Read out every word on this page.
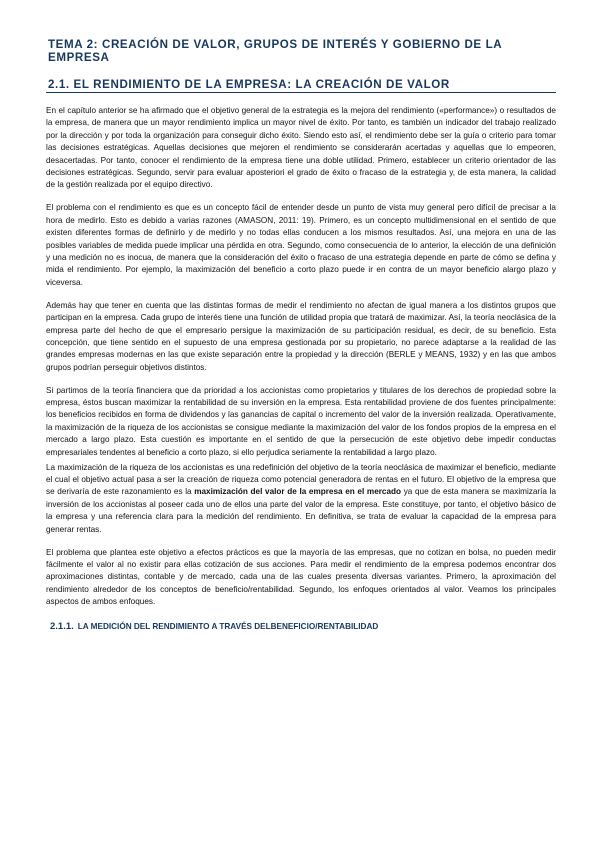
TEMA 2: CREACIÓN DE VALOR, GRUPOS DE INTERÉS Y GOBIERNO DE LA EMPRESA
2.1. EL RENDIMIENTO DE LA EMPRESA: LA CREACIÓN DE VALOR

En el capítulo anterior se ha afirmado que el objetivo general de la estrategia es la mejora del rendimiento («performance») o resultados de la empresa, de manera que un mayor rendimiento implica un mayor nivel de éxito. Por tanto, es también un indicador del trabajo realizado por la dirección y por toda la organización para conseguir dicho éxito. Siendo esto así, el rendimiento debe ser la guía o criterio para tomar las decisiones estratégicas. Aquellas decisiones que mejoren el rendimiento se considerarán acertadas y aquellas que lo empeoren, desacertadas. Por tanto, conocer el rendimiento de la empresa tiene una doble utilidad. Primero, establecer un criterio orientador de las decisiones estratégicas. Segundo, servir para evaluar aposteriori el grado de éxito o fracaso de la estrategia y, de esta manera, la calidad de la gestión realizada por el equipo directivo.

El problema con el rendimiento es que es un concepto fácil de entender desde un punto de vista muy general pero difícil de precisar a la hora de medirlo. Esto es debido a varias razones (AMASON, 2011: 19). Primero, es un concepto multidimensional en el sentido de que existen diferentes formas de definirlo y de medirlo y no todas ellas conducen a los mismos resultados. Así, una mejora en una de las posibles variables de medida puede implicar una pérdida en otra. Segundo, como consecuencia de lo anterior, la elección de una definición y una medición no es inocua, de manera que la consideración del éxito o fracaso de una estrategia depende en parte de cómo se defina y mida el rendimiento. Por ejemplo, la maximización del beneficio a corto plazo puede ir en contra de un mayor beneficio alargo plazo y viceversa.

Además hay que tener en cuenta que las distintas formas de medir el rendimiento no afectan de igual manera a los distintos grupos que participan en la empresa. Cada grupo de interés tiene una función de utilidad propia que tratará de maximizar. Así, la teoría neoclásica de la empresa parte del hecho de que el empresario persigue la maximización de su participación residual, es decir, de su beneficio. Esta concepción, que tiene sentido en el supuesto de una empresa gestionada por su propietario, no parece adaptarse a la realidad de las grandes empresas modernas en las que existe separación entre la propiedad y la dirección (BERLE y MEANS, 1932) y en las que ambos grupos podrían perseguir objetivos distintos.

Si partimos de la teoría financiera que da prioridad a los accionistas como propietarios y titulares de los derechos de propiedad sobre la empresa, éstos buscan maximizar la rentabilidad de su inversión en la empresa. Esta rentabilidad proviene de dos fuentes principalmente: los beneficios recibidos en forma de dividendos y las ganancias de capital o incremento del valor de la inversión realizada. Operativamente, la maximización de la riqueza de los accionistas se consigue mediante la maximización del valor de los fondos propios de la empresa en el mercado a largo plazo. Esta cuestión es importante en el sentido de que la persecución de este objetivo debe impedir conductas empresariales tendentes al beneficio a corto plazo, si ello perjudica seriamente la rentabilidad a largo plazo.

La maximización de la riqueza de los accionistas es una redefinición del objetivo de la teoría neoclásica de maximizar el beneficio, mediante el cual el objetivo actual pasa a ser la creación de riqueza como potencial generadora de rentas en el futuro. El objetivo de la empresa que se derivaría de este razonamiento es la maximización del valor de la empresa en el mercado ya que de esta manera se maximizaría la inversión de los accionistas al poseer cada uno de ellos una parte del valor de la empresa. Este constituye, por tanto, el objetivo básico de la empresa y una referencia clara para la medición del rendimiento. En definitiva, se trata de evaluar la capacidad de la empresa para generar rentas.

El problema que plantea este objetivo a efectos prácticos es que la mayoría de las empresas, que no cotizan en bolsa, no pueden medir fácilmente el valor al no existir para ellas cotización de sus acciones. Para medir el rendimiento de la empresa podemos encontrar dos aproximaciones distintas, contable y de mercado, cada una de las cuales presenta diversas variantes. Primero, la aproximación del rendimiento alrededor de los conceptos de beneficio/rentabilidad. Segundo, los enfoques orientados al valor. Veamos los principales aspectos de ambos enfoques.

2.1.1. LA MEDICIÓN DEL RENDIMIENTO A TRAVÉS DELBENEFICIO/RENTABILIDAD
